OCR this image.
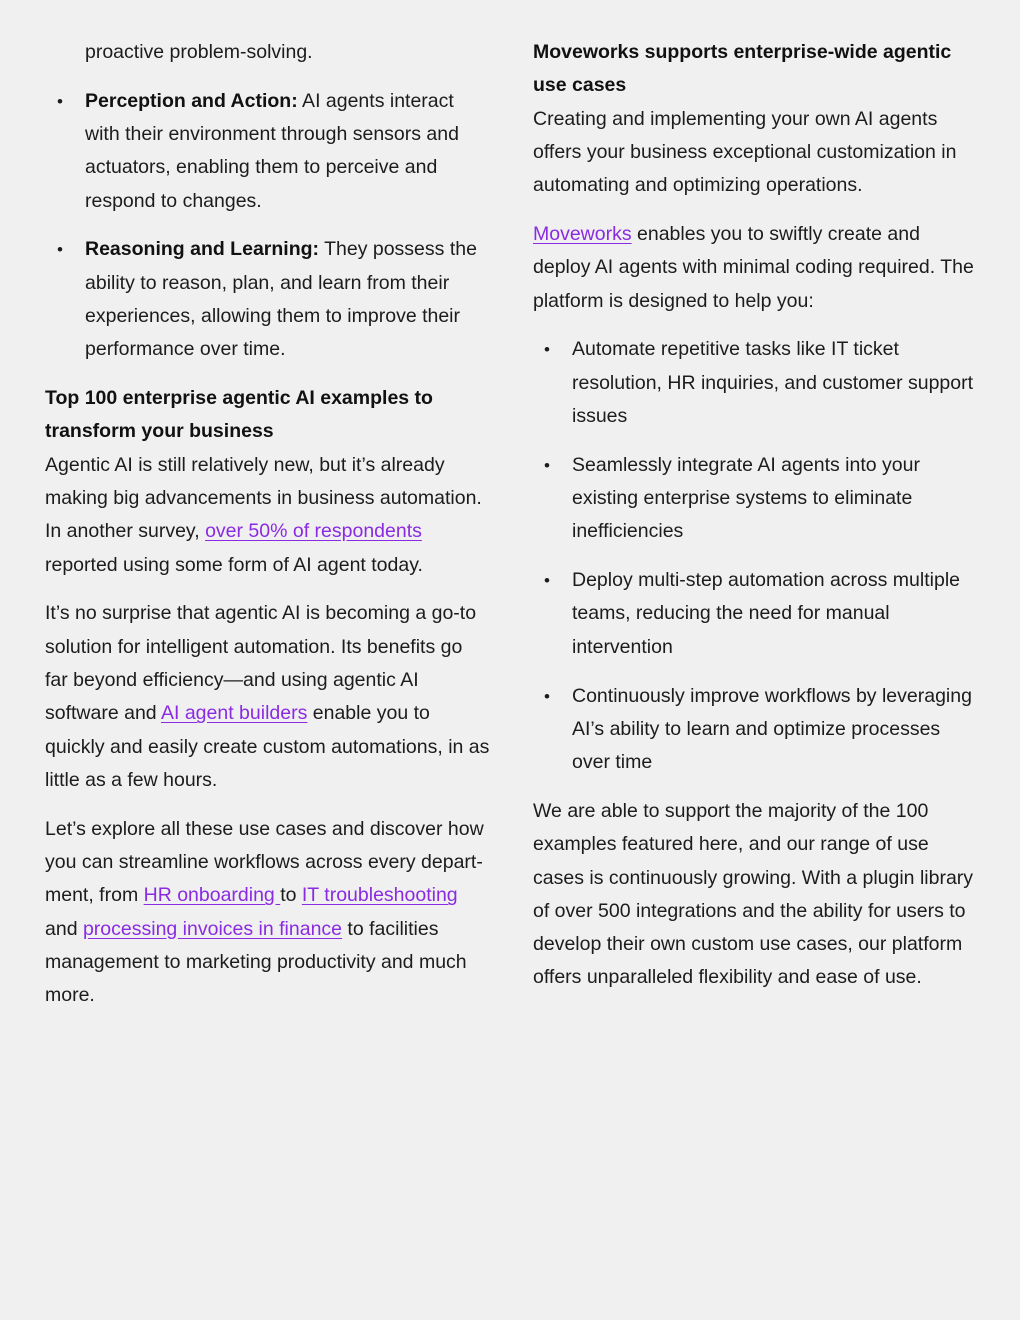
proactive problem-solving.
• Perception and Action: AI agents interact with their environment through sensors and actuators, enabling them to perceive and respond to changes.
• Reasoning and Learning: They possess the ability to reason, plan, and learn from their experiences, allowing them to improve their performance over time.
Top 100 enterprise agentic AI examples to transform your business

Agentic AI is still relatively new, but it’s already making big advancements in business automation. In another survey, over 50% of respondents reported using some form of AI agent today.

It’s no surprise that agentic AI is becoming a go-to solution for intelligent automation. Its benefits go far beyond efficiency—and using agentic AI software and AI agent builders enable you to quickly and easily create custom automations, in as little as a few hours.

Let’s explore all these use cases and discover how you can streamline workflows across every department, from HR onboarding to IT troubleshooting and processing invoices in finance to facilities management to marketing productivity and much more.

Moveworks supports enterprise-wide agentic use cases

Creating and implementing your own AI agents offers your business exceptional customization in automating and optimizing operations.

Moveworks enables you to swiftly create and deploy AI agents with minimal coding required. The platform is designed to help you:

• Automate repetitive tasks like IT ticket resolution, HR inquiries, and customer support issues
• Seamlessly integrate AI agents into your existing enterprise systems to eliminate inefficiencies
• Deploy multi-step automation across multiple teams, reducing the need for manual intervention
• Continuously improve workflows by leveraging AI’s ability to learn and optimize processes over time

We are able to support the majority of the 100 examples featured here, and our range of use cases is continuously growing. With a plugin library of over 500 integrations and the ability for users to develop their own custom use cases, our platform offers unparalleled flexibility and ease of use.
